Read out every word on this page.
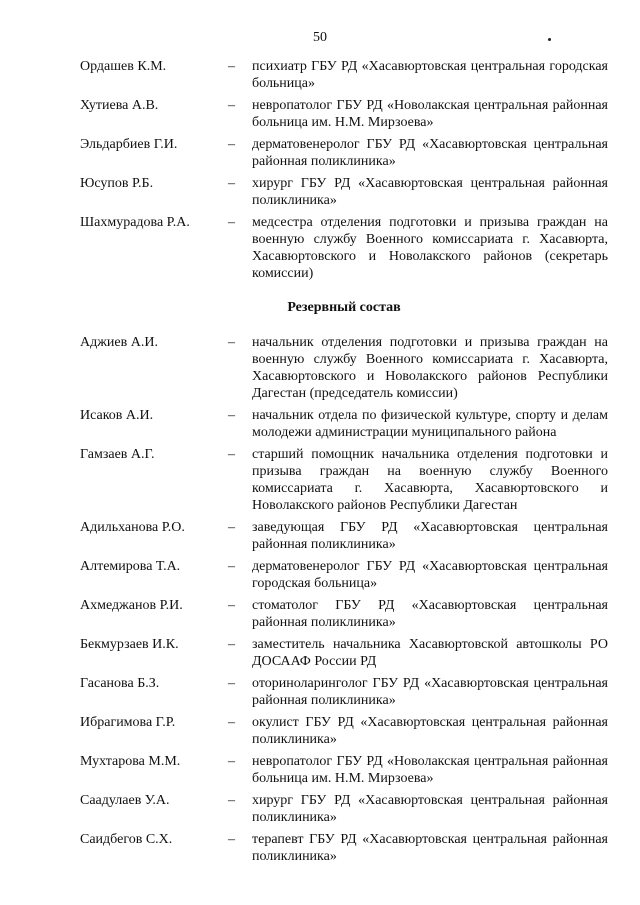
50
Ордашев К.М.	–	психиатр ГБУ РД «Хасавюртовская центральная городская больница»
Хутиева А.В.	–	невропатолог ГБУ РД «Новолакская центральная районная больница им. Н.М. Мирзоева»
Эльдарбиев Г.И.	–	дерматовенеролог ГБУ РД «Хасавюртовская центральная районная поликлиника»
Юсупов Р.Б.	–	хирург ГБУ РД «Хасавюртовская центральная районная поликлиника»
Шахмурадова Р.А.	–	медсестра отделения подготовки и призыва граждан на военную службу Военного комиссариата г. Хасавюрта, Хасавюртовского и Новолакского районов (секретарь комиссии)
Резервный состав
Аджиев А.И.	–	начальник отделения подготовки и призыва граждан на военную службу Военного комиссариата г. Хасавюрта, Хасавюртовского и Новолакского районов Республики Дагестан (председатель комиссии)
Исаков А.И.	–	начальник отдела по физической культуре, спорту и делам молодежи администрации муниципального района
Гамзаев А.Г.	–	старший помощник начальника отделения подготовки и призыва граждан на военную службу Военного комиссариата г. Хасавюрта, Хасавюртовского и Новолакского районов Республики Дагестан
Адильханова Р.О.	–	заведующая ГБУ РД «Хасавюртовская центральная районная поликлиника»
Алтемирова Т.А.	–	дерматовенеролог ГБУ РД «Хасавюртовская центральная городская больница»
Ахмеджанов Р.И.	–	стоматолог ГБУ РД «Хасавюртовская центральная районная поликлиника»
Бекмурзаев И.К.	–	заместитель начальника Хасавюртовской автошколы РО ДОСААФ России РД
Гасанова Б.З.	–	оториноларинголог ГБУ РД «Хасавюртовская центральная районная поликлиника»
Ибрагимова Г.Р.	–	окулист ГБУ РД «Хасавюртовская центральная районная поликлиника»
Мухтарова М.М.	–	невропатолог ГБУ РД «Новолакская центральная районная больница им. Н.М. Мирзоева»
Саадулаев У.А.	–	хирург ГБУ РД «Хасавюртовская центральная районная поликлиника»
Саидбегов С.Х.	–	терапевт ГБУ РД «Хасавюртовская центральная районная поликлиника»
